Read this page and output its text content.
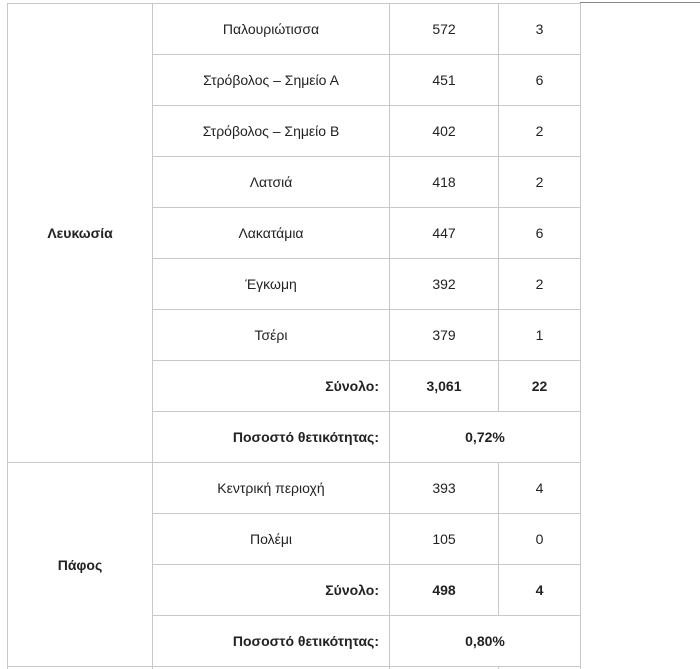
Λευκωσία	Παλουριώτισσα	572	3
	Στρόβολος – Σημείο Α	451	6
	Στρόβολος – Σημείο Β	402	2
	Λατσιά	418	2
	Λακατάμια	447	6
	Έγκωμη	392	2
	Τσέρι	379	1
	Σύνολο:	3,061	22
	Ποσοστό θετικότητας:	0,72%	
Πάφος	Κεντρική περιοχή	393	4
	Πολέμι	105	0
	Σύνολο:	498	4
	Ποσοστό θετικότητας:	0,80%	
